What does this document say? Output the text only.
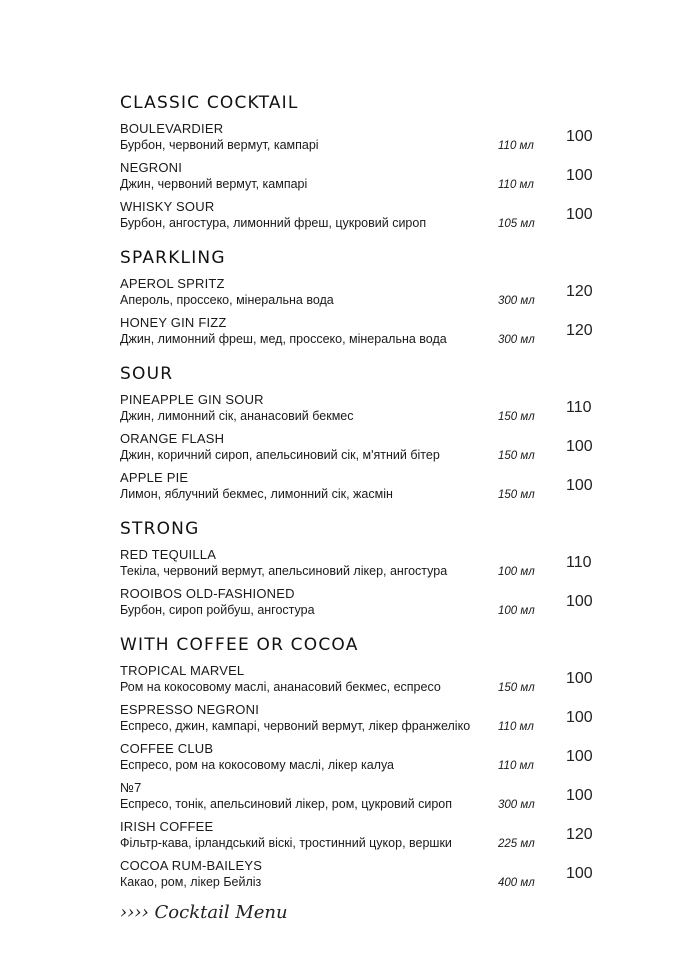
CLASSIC COCKTAIL
BOULEVARDIER
Бурбон, червоний вермут, кампарі	110 мл
100
NEGRONI
Джин, червоний вермут, кампарі	110 мл
100
WHISKY SOUR
Бурбон, ангостура, лимонний фреш, цукровий сироп	105 мл
100
SPARKLING
APEROL SPRITZ
Апероль, проссеко, мінеральна вода	300 мл
120
HONEY GIN FIZZ
Джин, лимонний фреш, мед, проссеко, мінеральна вода	300 мл
120
SOUR
PINEAPPLE GIN SOUR
Джин, лимонний сік, ананасовий бекмес	150 мл
110
ORANGE FLASH
Джин, коричний сироп, апельсиновий сік, м'ятний бітер	150 мл
100
APPLE PIE
Лимон, яблучний бекмес, лимонний сік, жасмін	150 мл
100
STRONG
RED TEQUILLA
Текіла, червоний вермут, апельсиновий лікер, ангостура	100 мл
110
ROOIBOS OLD-FASHIONED
Бурбон, сироп ройбуш, ангостура	100 мл
100
WITH COFFEE OR COCOA
TROPICAL MARVEL
Ром на кокосовому маслі, ананасовий бекмес, еспресо	150 мл
100
ESPRESSO NEGRONI
Еспресо, джин, кампарі, червоний вермут, лікер франжеліко	110 мл
100
COFFEE CLUB
Еспресо, ром на кокосовому маслі, лікер калуа	110 мл
100
№7
Еспресо, тонік, апельсиновий лікер, ром, цукровий сироп	300 мл
100
IRISH COFFEE
Фільтр-кава, ірландський віскі, тростинний цукор, вершки	225 мл
120
COCOA RUM-BAILEYS
Какао, ром, лікер Бейліз	400 мл
100
›››› Cocktail Menu
